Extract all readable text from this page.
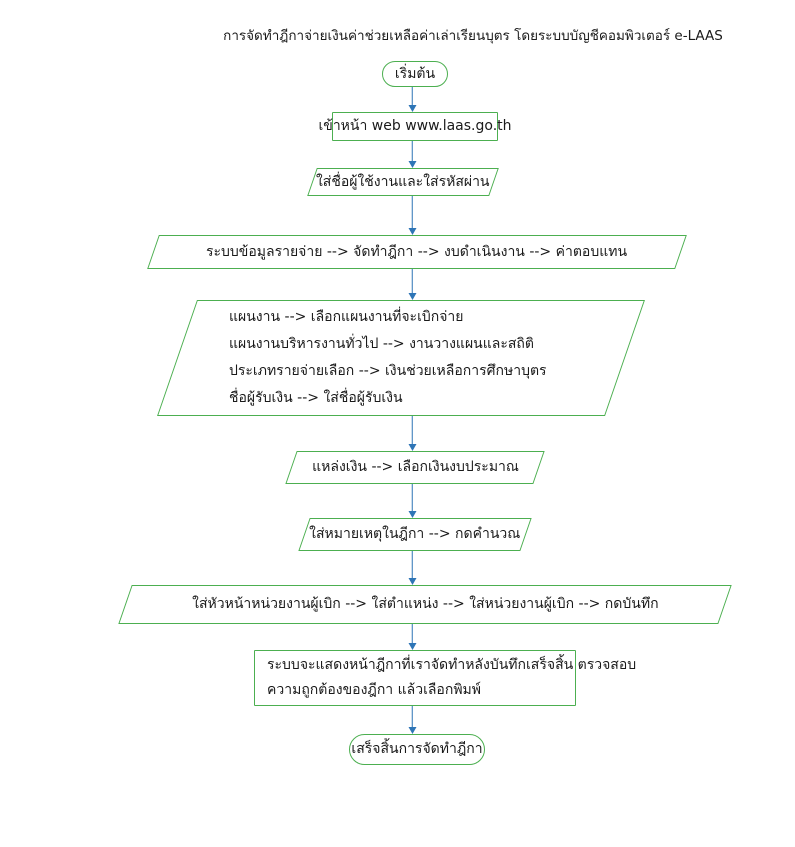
การจัดทำฎีกาจ่ายเงินค่าช่วยเหลือค่าเล่าเรียนบุตร โดยระบบบัญชีคอมพิวเตอร์ e-LAAS
เริ่มต้น
เข้าหน้า web www.laas.go.th
ใส่ชื่อผู้ใช้งานและใส่รหัสผ่าน
ระบบข้อมูลรายจ่าย --> จัดทำฎีกา --> งบดำเนินงาน --> ค่าตอบแทน
แผนงาน --> เลือกแผนงานที่จะเบิกจ่าย
แผนงานบริหารงานทั่วไป --> งานวางแผนและสถิติ
ประเภทรายจ่ายเลือก --> เงินช่วยเหลือการศึกษาบุตร
ชื่อผู้รับเงิน --> ใส่ชื่อผู้รับเงิน
แหล่งเงิน --> เลือกเงินงบประมาณ
ใส่หมายเหตุในฎีกา --> กดคำนวณ
ใส่หัวหน้าหน่วยงานผู้เบิก --> ใส่ตำแหน่ง --> ใส่หน่วยงานผู้เบิก --> กดบันทึก
ระบบจะแสดงหน้าฎีกาที่เราจัดทำหลังบันทึกเสร็จสิ้น ตรวจสอบ
ความถูกต้องของฎีกา แล้วเลือกพิมพ์
เสร็จสิ้นการจัดทำฎีกา
